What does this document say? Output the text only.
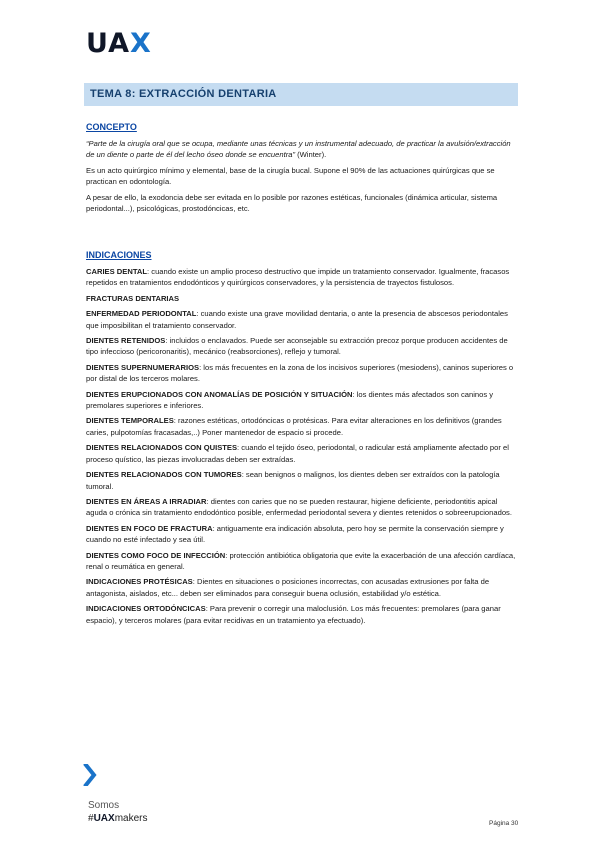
UAX
TEMA 8: EXTRACCIÓN DENTARIA
CONCEPTO

“Parte de la cirugía oral que se ocupa, mediante unas técnicas y un instrumental adecuado, de practicar la avulsión/extracción de un diente o parte de él del lecho óseo donde se encuentra” (Winter).

Es un acto quirúrgico mínimo y elemental, base de la cirugía bucal. Supone el 90% de las actuaciones quirúrgicas que se practican en odontología.

A pesar de ello, la exodoncia debe ser evitada en lo posible por razones estéticas, funcionales (dinámica articular, sistema periodontal...), psicológicas, prostodóncicas, etc.

INDICACIONES

CARIES DENTAL: cuando existe un amplio proceso destructivo que impide un tratamiento conservador. Igualmente, fracasos repetidos en tratamientos endodónticos y quirúrgicos conservadores, y la persistencia de trayectos fistulosos.

FRACTURAS DENTARIAS

ENFERMEDAD PERIODONTAL: cuando existe una grave movilidad dentaria, o ante la presencia de abscesos periodontales que imposibilitan el tratamiento conservador.

DIENTES RETENIDOS: incluidos o enclavados. Puede ser aconsejable su extracción precoz porque producen accidentes de tipo infeccioso (pericoronaritis), mecánico (reabsorciones), reflejo y tumoral.

DIENTES SUPERNUMERARIOS: los más frecuentes en la zona de los incisivos superiores (mesiodens), caninos superiores o por distal de los terceros molares.

DIENTES ERUPCIONADOS CON ANOMALÍAS DE POSICIÓN Y SITUACIÓN: los dientes más afectados son caninos y premolares superiores e inferiores.

DIENTES TEMPORALES: razones estéticas, ortodóncicas o protésicas. Para evitar alteraciones en los definitivos (grandes caries, pulpotomías fracasadas,..) Poner mantenedor de espacio si procede.

DIENTES RELACIONADOS CON QUISTES: cuando el tejido óseo, periodontal, o radicular está ampliamente afectado por el proceso quístico, las piezas involucradas deben ser extraídas.

DIENTES RELACIONADOS CON TUMORES: sean benignos o malignos, los dientes deben ser extraídos con la patología tumoral.

DIENTES EN ÁREAS A IRRADIAR: dientes con caries que no se pueden restaurar, higiene deficiente, periodontitis apical aguda o crónica sin tratamiento endodóntico posible, enfermedad periodontal severa y dientes retenidos o sobreerupcionados.

DIENTES EN FOCO DE FRACTURA: antiguamente era indicación absoluta, pero hoy se permite la conservación siempre y cuando no esté infectado y sea útil.

DIENTES COMO FOCO DE INFECCIÓN: protección antibiótica obligatoria que evite la exacerbación de una afección cardíaca, renal o reumática en general.

INDICACIONES PROTÉSICAS: Dientes en situaciones o posiciones incorrectas, con acusadas extrusiones por falta de antagonista, aislados, etc... deben ser eliminados para conseguir buena oclusión, estabilidad y/o estética.

INDICACIONES ORTODÓNCICAS: Para prevenir o corregir una maloclusión. Los más frecuentes: premolares (para ganar espacio), y terceros molares (para evitar recidivas en un tratamiento ya efectuado).

Somos
#UAXmakers	Página 30
